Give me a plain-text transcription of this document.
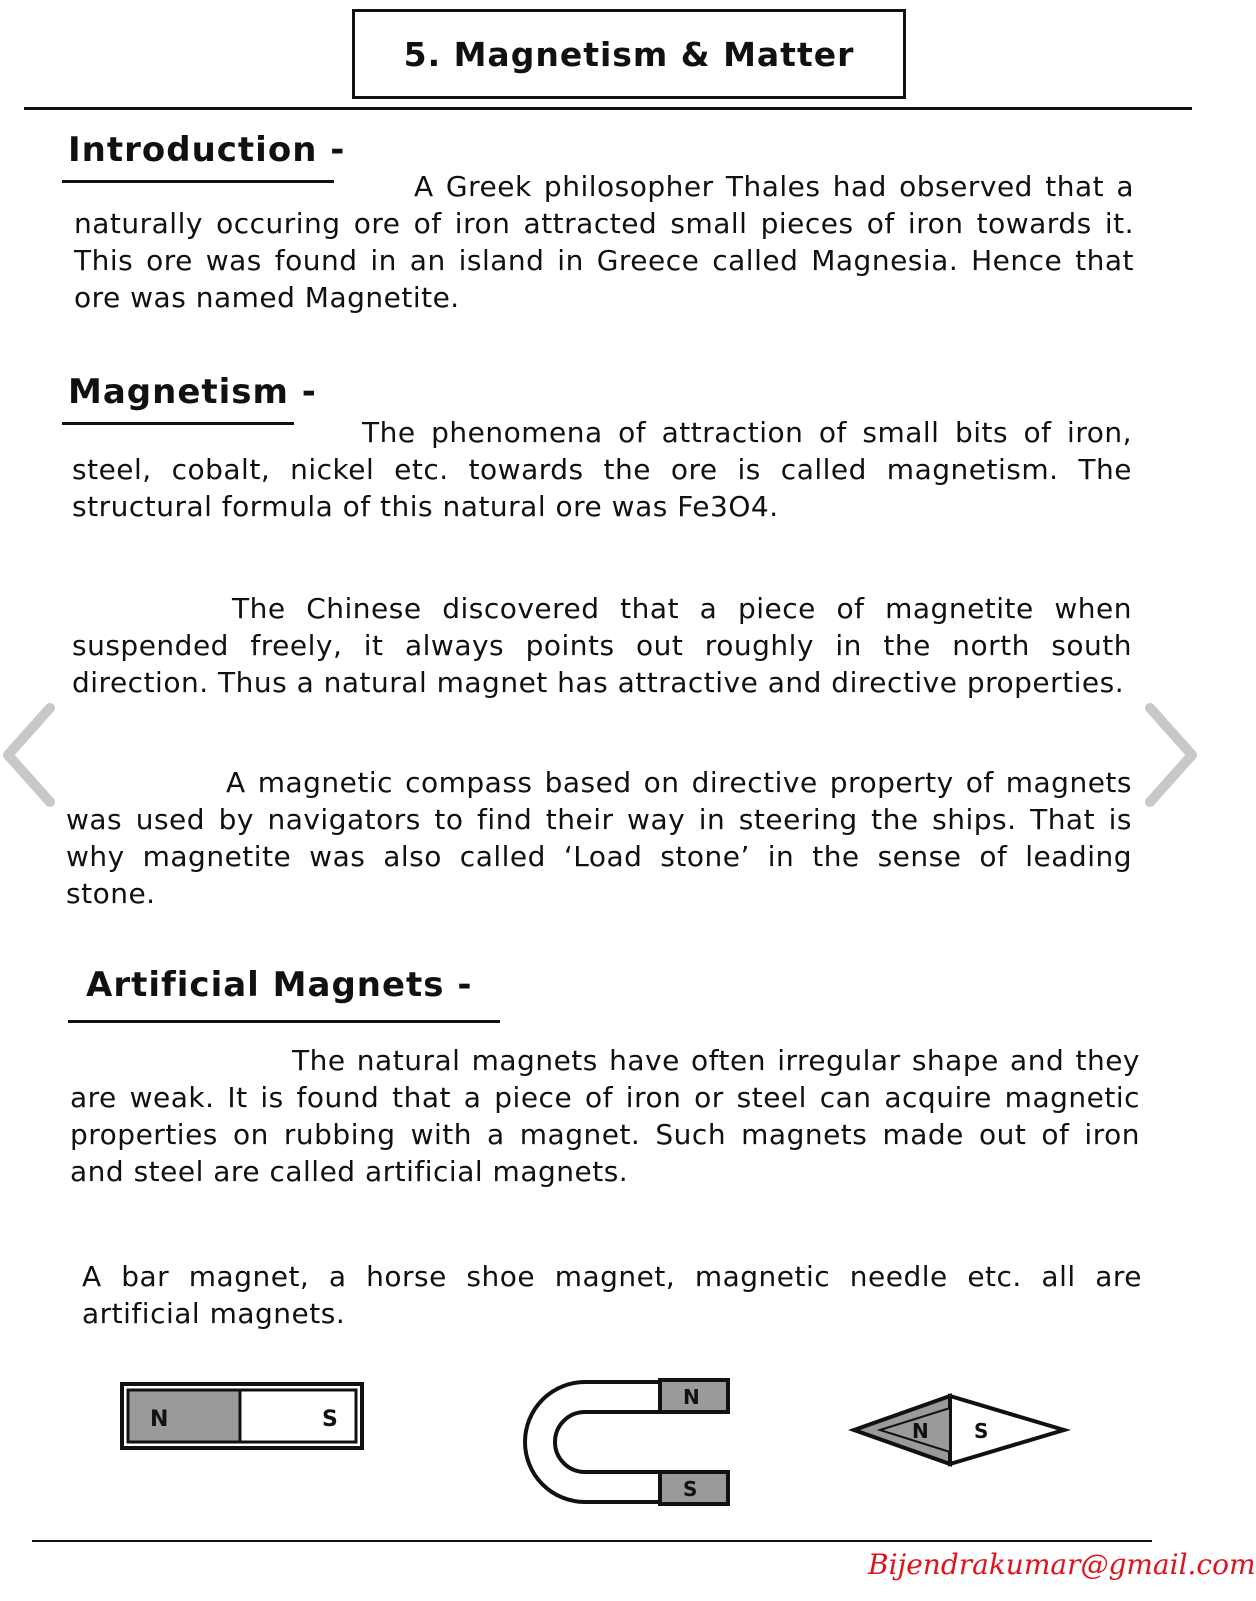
5. Magnetism & Matter
Introduction -
A Greek philosopher Thales had observed that a naturally occuring ore of iron attracted small pieces of iron towards it. This ore was found in an island in Greece called Magnesia. Hence that ore was named Magnetite.
Magnetism -
The phenomena of attraction of small bits of iron, steel, cobalt, nickel etc. towards the ore is called magnetism. The structural formula of this natural ore was Fe3O4.
The Chinese discovered that a piece of magnetite when suspended freely, it always points out roughly in the north south direction. Thus a natural magnet has attractive and directive properties.
A magnetic compass based on directive property of magnets was used by navigators to find their way in steering the ships. That is why magnetite was also called ‘Load stone’ in the sense of leading stone.
Artificial Magnets -
The natural magnets have often irregular shape and they are weak. It is found that a piece of iron or steel can acquire magnetic properties on rubbing with a magnet. Such magnets made out of iron and steel are called artificial magnets.
A bar magnet, a horse shoe magnet, magnetic needle etc. all are artificial magnets.
N	S
N
S
N S
Bijendrakumar@gmail.com
